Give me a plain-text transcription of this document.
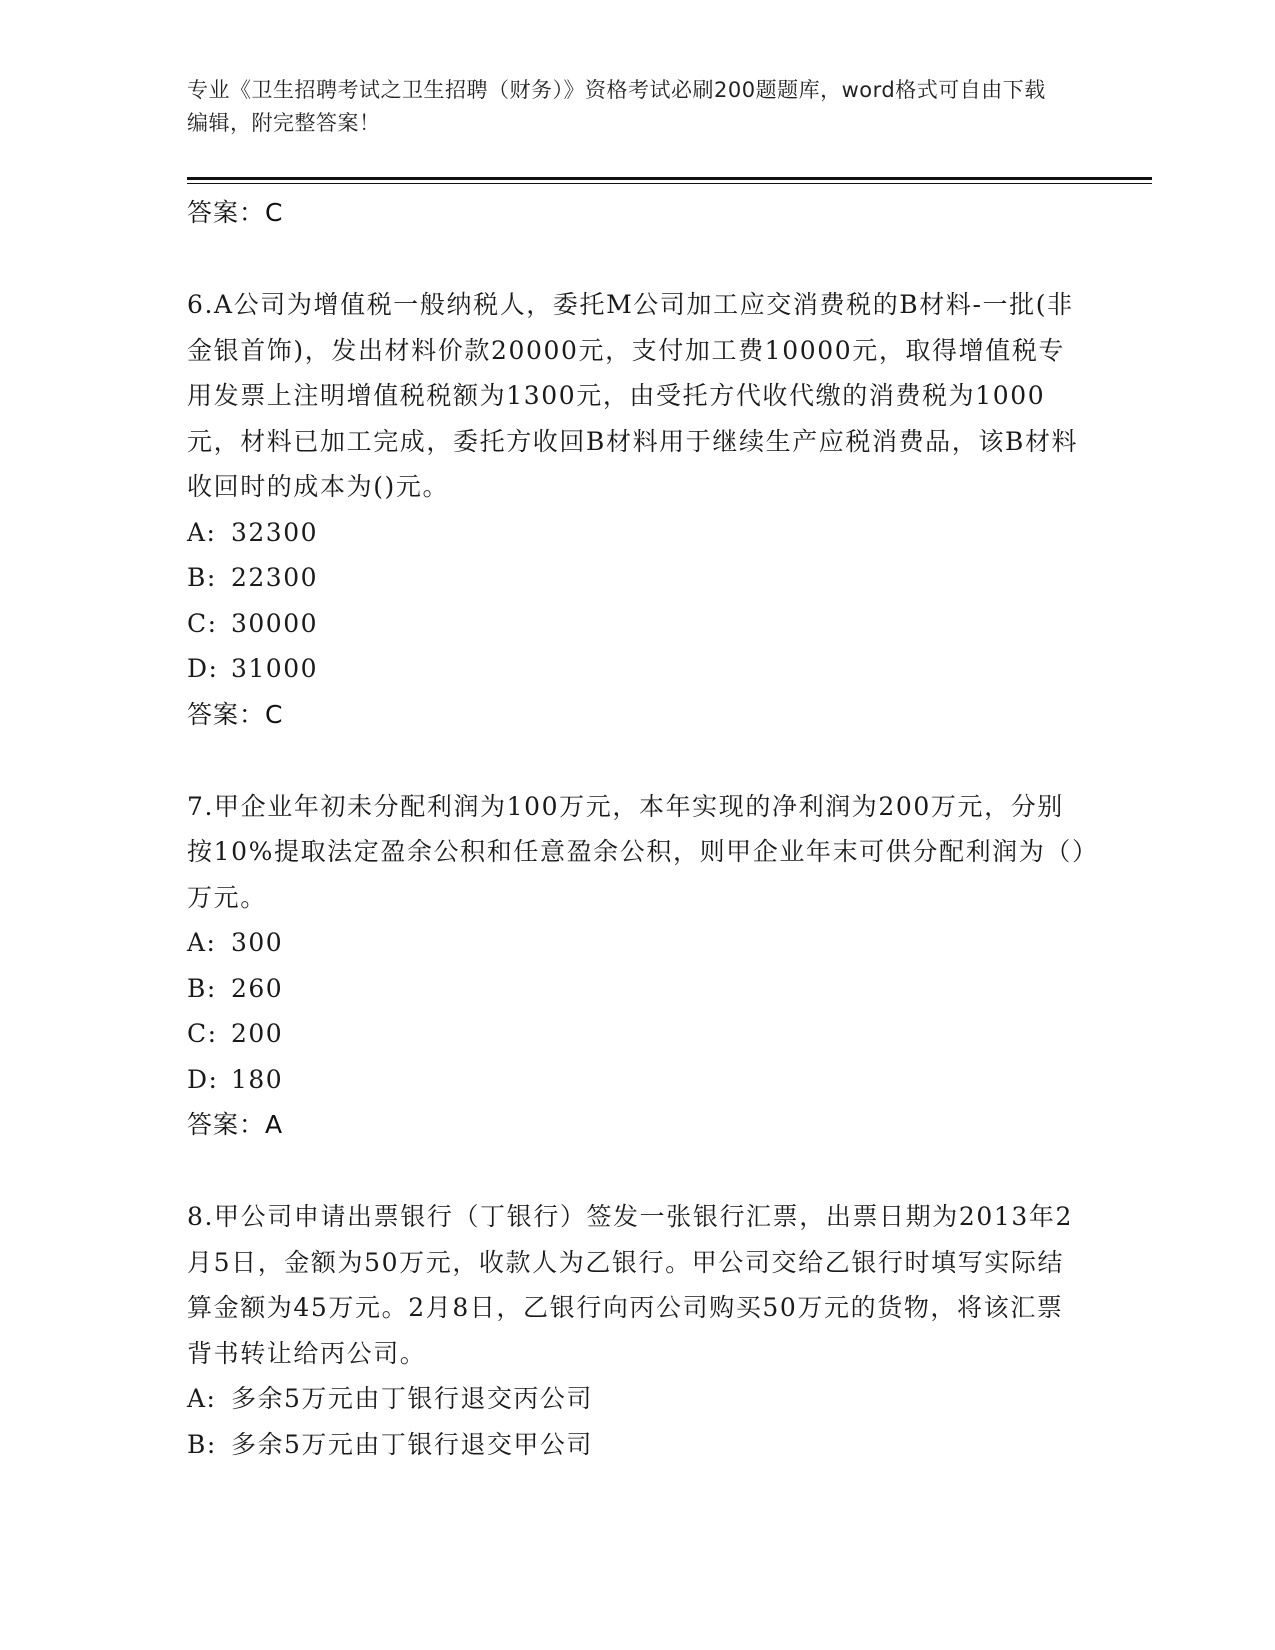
专业《卫生招聘考试之卫生招聘（财务）》资格考试必刷200题题库，word格式可自由下载编辑，附完整答案！
答案：C
6.A公司为增值税一般纳税人，委托M公司加工应交消费税的B材料-一批(非金银首饰)，发出材料价款20000元，支付加工费10000元，取得增值税专用发票上注明增值税税额为1300元，由受托方代收代缴的消费税为1000元，材料已加工完成，委托方收回B材料用于继续生产应税消费品，该B材料收回时的成本为()元。
A: 32300
B: 22300
C: 30000
D: 31000
答案：C
7.甲企业年初未分配利润为100万元，本年实现的净利润为200万元，分别按10%提取法定盈余公积和任意盈余公积，则甲企业年末可供分配利润为（）万元。
A: 300
B: 260
C: 200
D: 180
答案：A
8.甲公司申请出票银行（丁银行）签发一张银行汇票，出票日期为2013年2月5日，金额为50万元，收款人为乙银行。甲公司交给乙银行时填写实际结算金额为45万元。2月8日，乙银行向丙公司购买50万元的货物，将该汇票背书转让给丙公司。
A: 多余5万元由丁银行退交丙公司
B: 多余5万元由丁银行退交甲公司
